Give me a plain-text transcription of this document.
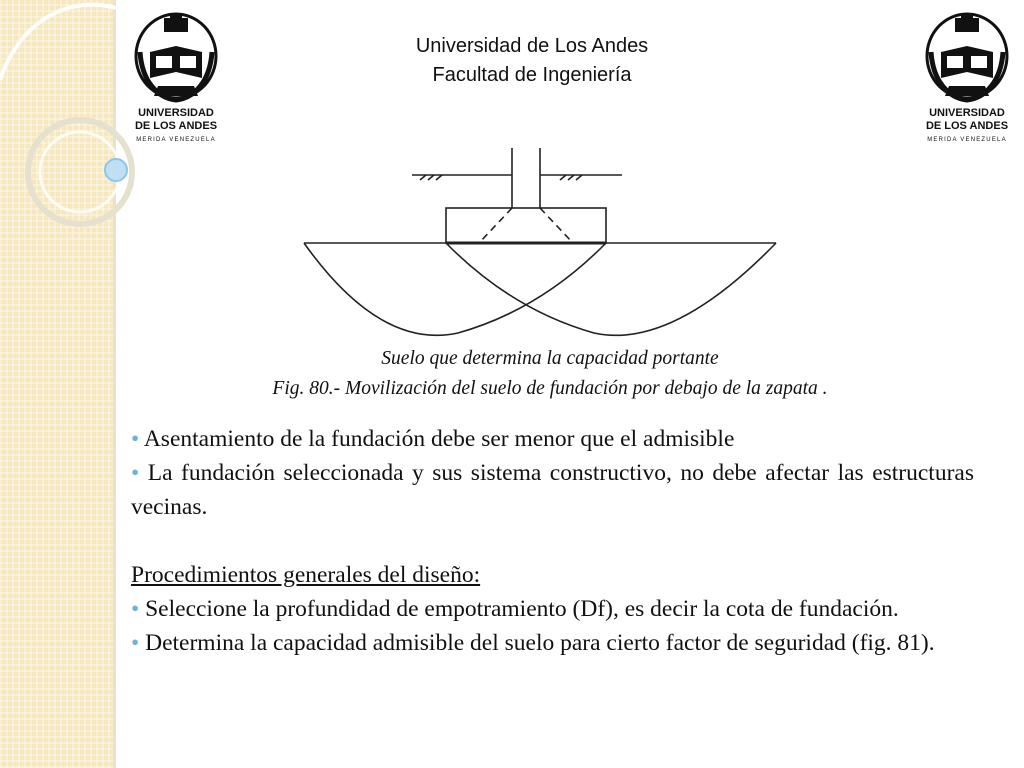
UNIVERSIDAD
DE LOS ANDES
MERIDA VENEZUELA
UNIVERSIDAD
DE LOS ANDES
MERIDA VENEZUELA
Universidad de Los Andes
Facultad de Ingeniería
Suelo que determina la capacidad portante
Fig. 80.- Movilización del suelo de fundación por debajo de la zapata .

• Asentamiento de la fundación debe ser menor que el admisible

• La fundación seleccionada y sus sistema constructivo, no debe afectar las estructuras vecinas.

Procedimientos generales del diseño:

• Seleccione la profundidad de empotramiento (Df), es decir la cota de fundación.

• Determina la capacidad admisible del suelo para cierto factor de seguridad (fig. 81).
